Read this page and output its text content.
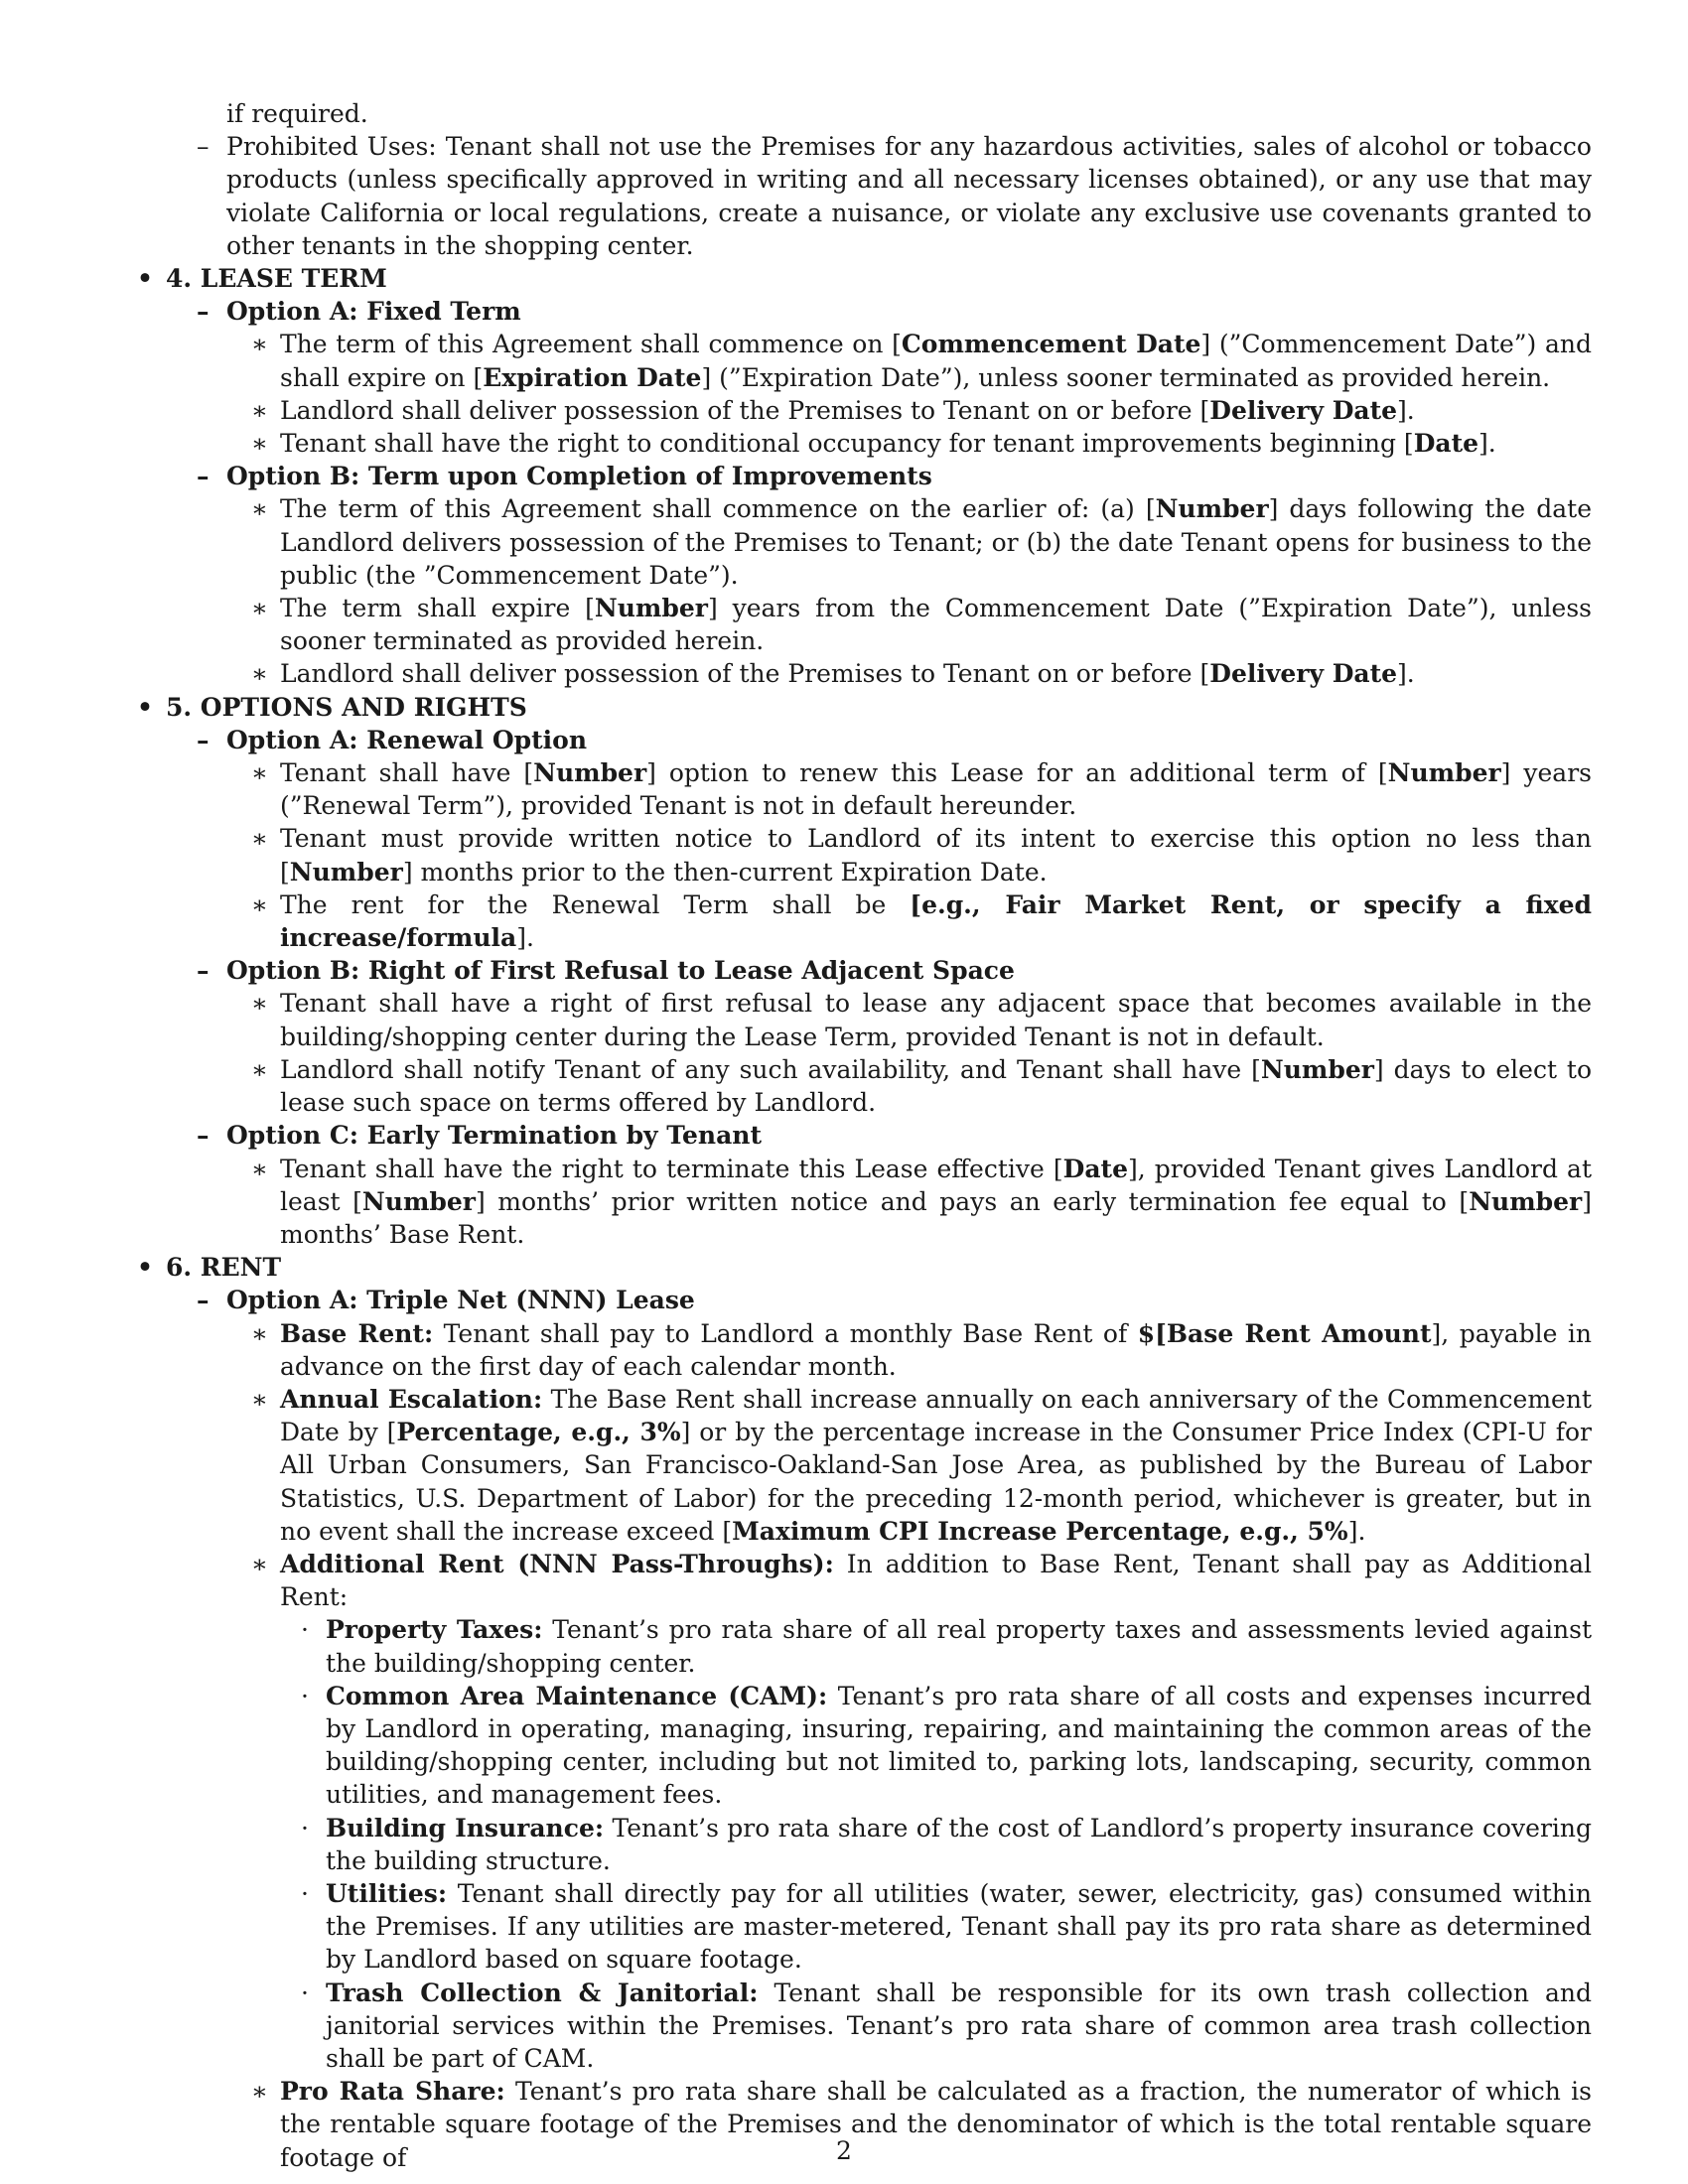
if required.
– Prohibited Uses: Tenant shall not use the Premises for any hazardous activities, sales of alcohol or tobacco products (unless specifically approved in writing and all necessary licenses obtained), or any use that may violate California or local regulations, create a nuisance, or violate any exclusive use covenants granted to other tenants in the shopping center.
• 4. LEASE TERM
– Option A: Fixed Term
∗ The term of this Agreement shall commence on [Commencement Date] (”Commencement Date”) and shall expire on [Expiration Date] (”Expiration Date”), unless sooner terminated as provided herein.
∗ Landlord shall deliver possession of the Premises to Tenant on or before [Delivery Date].
∗ Tenant shall have the right to conditional occupancy for tenant improvements beginning [Date].
– Option B: Term upon Completion of Improvements
∗ The term of this Agreement shall commence on the earlier of: (a) [Number] days following the date Landlord delivers possession of the Premises to Tenant; or (b) the date Tenant opens for business to the public (the ”Commencement Date”).
∗ The term shall expire [Number] years from the Commencement Date (”Expiration Date”), unless sooner terminated as provided herein.
∗ Landlord shall deliver possession of the Premises to Tenant on or before [Delivery Date].
• 5. OPTIONS AND RIGHTS
– Option A: Renewal Option
∗ Tenant shall have [Number] option to renew this Lease for an additional term of [Number] years (”Renewal Term”), provided Tenant is not in default hereunder.
∗ Tenant must provide written notice to Landlord of its intent to exercise this option no less than [Number] months prior to the then-current Expiration Date.
∗ The rent for the Renewal Term shall be [e.g., Fair Market Rent, or specify a fixed increase/formula].
– Option B: Right of First Refusal to Lease Adjacent Space
∗ Tenant shall have a right of first refusal to lease any adjacent space that becomes available in the building/shopping center during the Lease Term, provided Tenant is not in default.
∗ Landlord shall notify Tenant of any such availability, and Tenant shall have [Number] days to elect to lease such space on terms offered by Landlord.
– Option C: Early Termination by Tenant
∗ Tenant shall have the right to terminate this Lease effective [Date], provided Tenant gives Landlord at least [Number] months’ prior written notice and pays an early termination fee equal to [Number] months’ Base Rent.
• 6. RENT
– Option A: Triple Net (NNN) Lease
∗ Base Rent: Tenant shall pay to Landlord a monthly Base Rent of $[Base Rent Amount], payable in advance on the first day of each calendar month.
∗ Annual Escalation: The Base Rent shall increase annually on each anniversary of the Commencement Date by [Percentage, e.g., 3%] or by the percentage increase in the Consumer Price Index (CPI-U for All Urban Consumers, San Francisco-Oakland-San Jose Area, as published by the Bureau of Labor Statistics, U.S. Department of Labor) for the preceding 12-month period, whichever is greater, but in no event shall the increase exceed [Maximum CPI Increase Percentage, e.g., 5%].
∗ Additional Rent (NNN Pass-Throughs): In addition to Base Rent, Tenant shall pay as Additional Rent:
· Property Taxes: Tenant’s pro rata share of all real property taxes and assessments levied against the building/shopping center.
· Common Area Maintenance (CAM): Tenant’s pro rata share of all costs and expenses incurred by Landlord in operating, managing, insuring, repairing, and maintaining the common areas of the building/shopping center, including but not limited to, parking lots, landscaping, security, common utilities, and management fees.
· Building Insurance: Tenant’s pro rata share of the cost of Landlord’s property insurance covering the building structure.
· Utilities: Tenant shall directly pay for all utilities (water, sewer, electricity, gas) consumed within the Premises. If any utilities are master-metered, Tenant shall pay its pro rata share as determined by Landlord based on square footage.
· Trash Collection & Janitorial: Tenant shall be responsible for its own trash collection and janitorial services within the Premises. Tenant’s pro rata share of common area trash collection shall be part of CAM.
∗ Pro Rata Share: Tenant’s pro rata share shall be calculated as a fraction, the numerator of which is the rentable square footage of the Premises and the denominator of which is the total rentable square footage of	2
